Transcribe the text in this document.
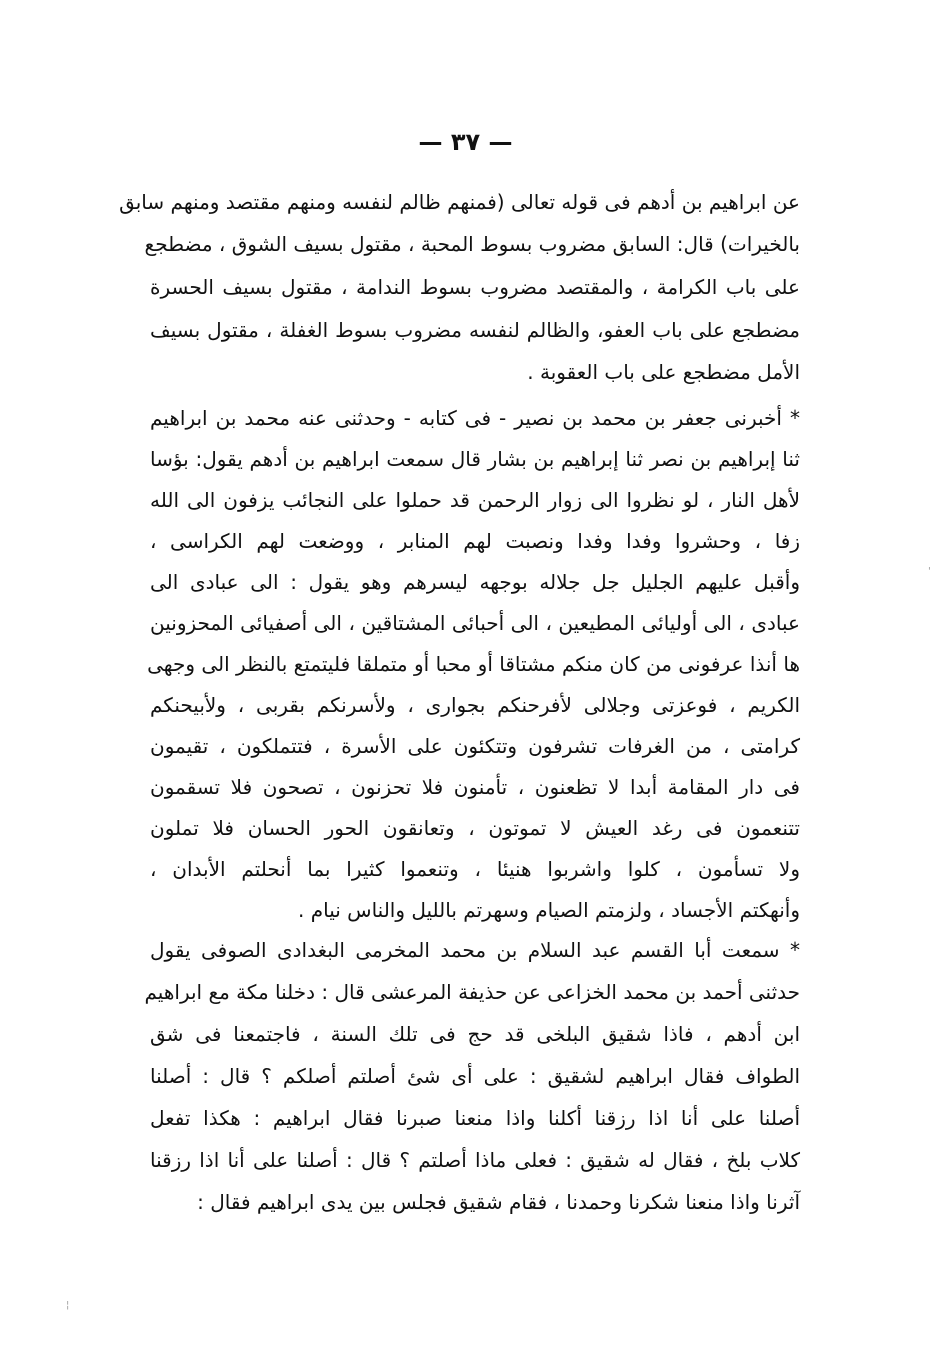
— ٣٧ —
عن ابراهيم بن أدهم فى قوله تعالى (فمنهم ظالم لنفسه ومنهم مقتصد ومنهم سابق
بالخيرات) قال: السابق مضروب بسوط المحبة ، مقتول بسيف الشوق ، مضطجع
على باب الكرامة ، والمقتصد مضروب بسوط الندامة ، مقتول بسيف الحسرة
مضطجع على باب العفو، والظالم لنفسه مضروب بسوط الغفلة ، مقتول بسيف
الأمل مضطجع على باب العقوبة .
* أخبرنى جعفر بن محمد بن نصير - فى كتابه - وحدثنى عنه محمد بن ابراهيم
ثنا إبراهيم بن نصر ثنا إبراهيم بن بشار قال سمعت ابراهيم بن أدهم يقول: بؤسا
لأهل النار ، لو نظروا الى زوار الرحمن قد حملوا على النجائب يزفون الى الله
زفا ، وحشروا وفدا وفدا ونصبت لهم المنابر ، ووضعت لهم الكراسى ،
وأقبل عليهم الجليل جل جلاله بوجهه ليسرهم وهو يقول : الى عبادى الى
عبادى ، الى أوليائى المطيعين ، الى أحبائى المشتاقين ، الى أصفيائى المحزونين
ها أنذا عرفونى من كان منكم مشتاقا أو محبا أو متملقا فليتمتع بالنظر الى وجهى
الكريم ، فوعزتى وجلالى لأفرحنكم بجوارى ، ولأسرنكم بقربى ، ولأبيحنكم
كرامتى ، من الغرفات تشرفون وتتكئون على الأسرة ، فتتملكون ، تقيمون
فى دار المقامة أبدا لا تظعنون ، تأمنون فلا تحزنون ، تصحون فلا تسقمون
تتنعمون فى رغد العيش لا تموتون ، وتعانقون الحور الحسان فلا تملون
ولا تسأمون ، كلوا واشربوا هنيئا ، وتنعموا كثيرا بما أنحلتم الأبدان ،
وأنهكتم الأجساد ، ولزمتم الصيام وسهرتم بالليل والناس نيام .
* سمعت أبا القسم عبد السلام بن محمد المخرمى البغدادى الصوفى يقول
حدثنى أحمد بن محمد الخزاعى عن حذيفة المرعشى قال : دخلنا مكة مع ابراهيم
ابن أدهم ، فاذا شقيق البلخى قد حج فى تلك السنة ، فاجتمعنا فى شق
الطواف فقال ابراهيم لشقيق : على أى شئ أصلتم أصلكم ؟ قال : أصلنا
أصلنا على أنا اذا رزقنا أكلنا واذا منعنا صبرنا فقال ابراهيم : هكذا تفعل
كلاب بلخ ، فقال له شقيق : فعلى ماذا أصلتم ؟ قال : أصلنا على أنا اذا رزقنا
آثرنا واذا منعنا شكرنا وحمدنا ، فقام شقيق فجلس بين يدى ابراهيم فقال :
'
¦
